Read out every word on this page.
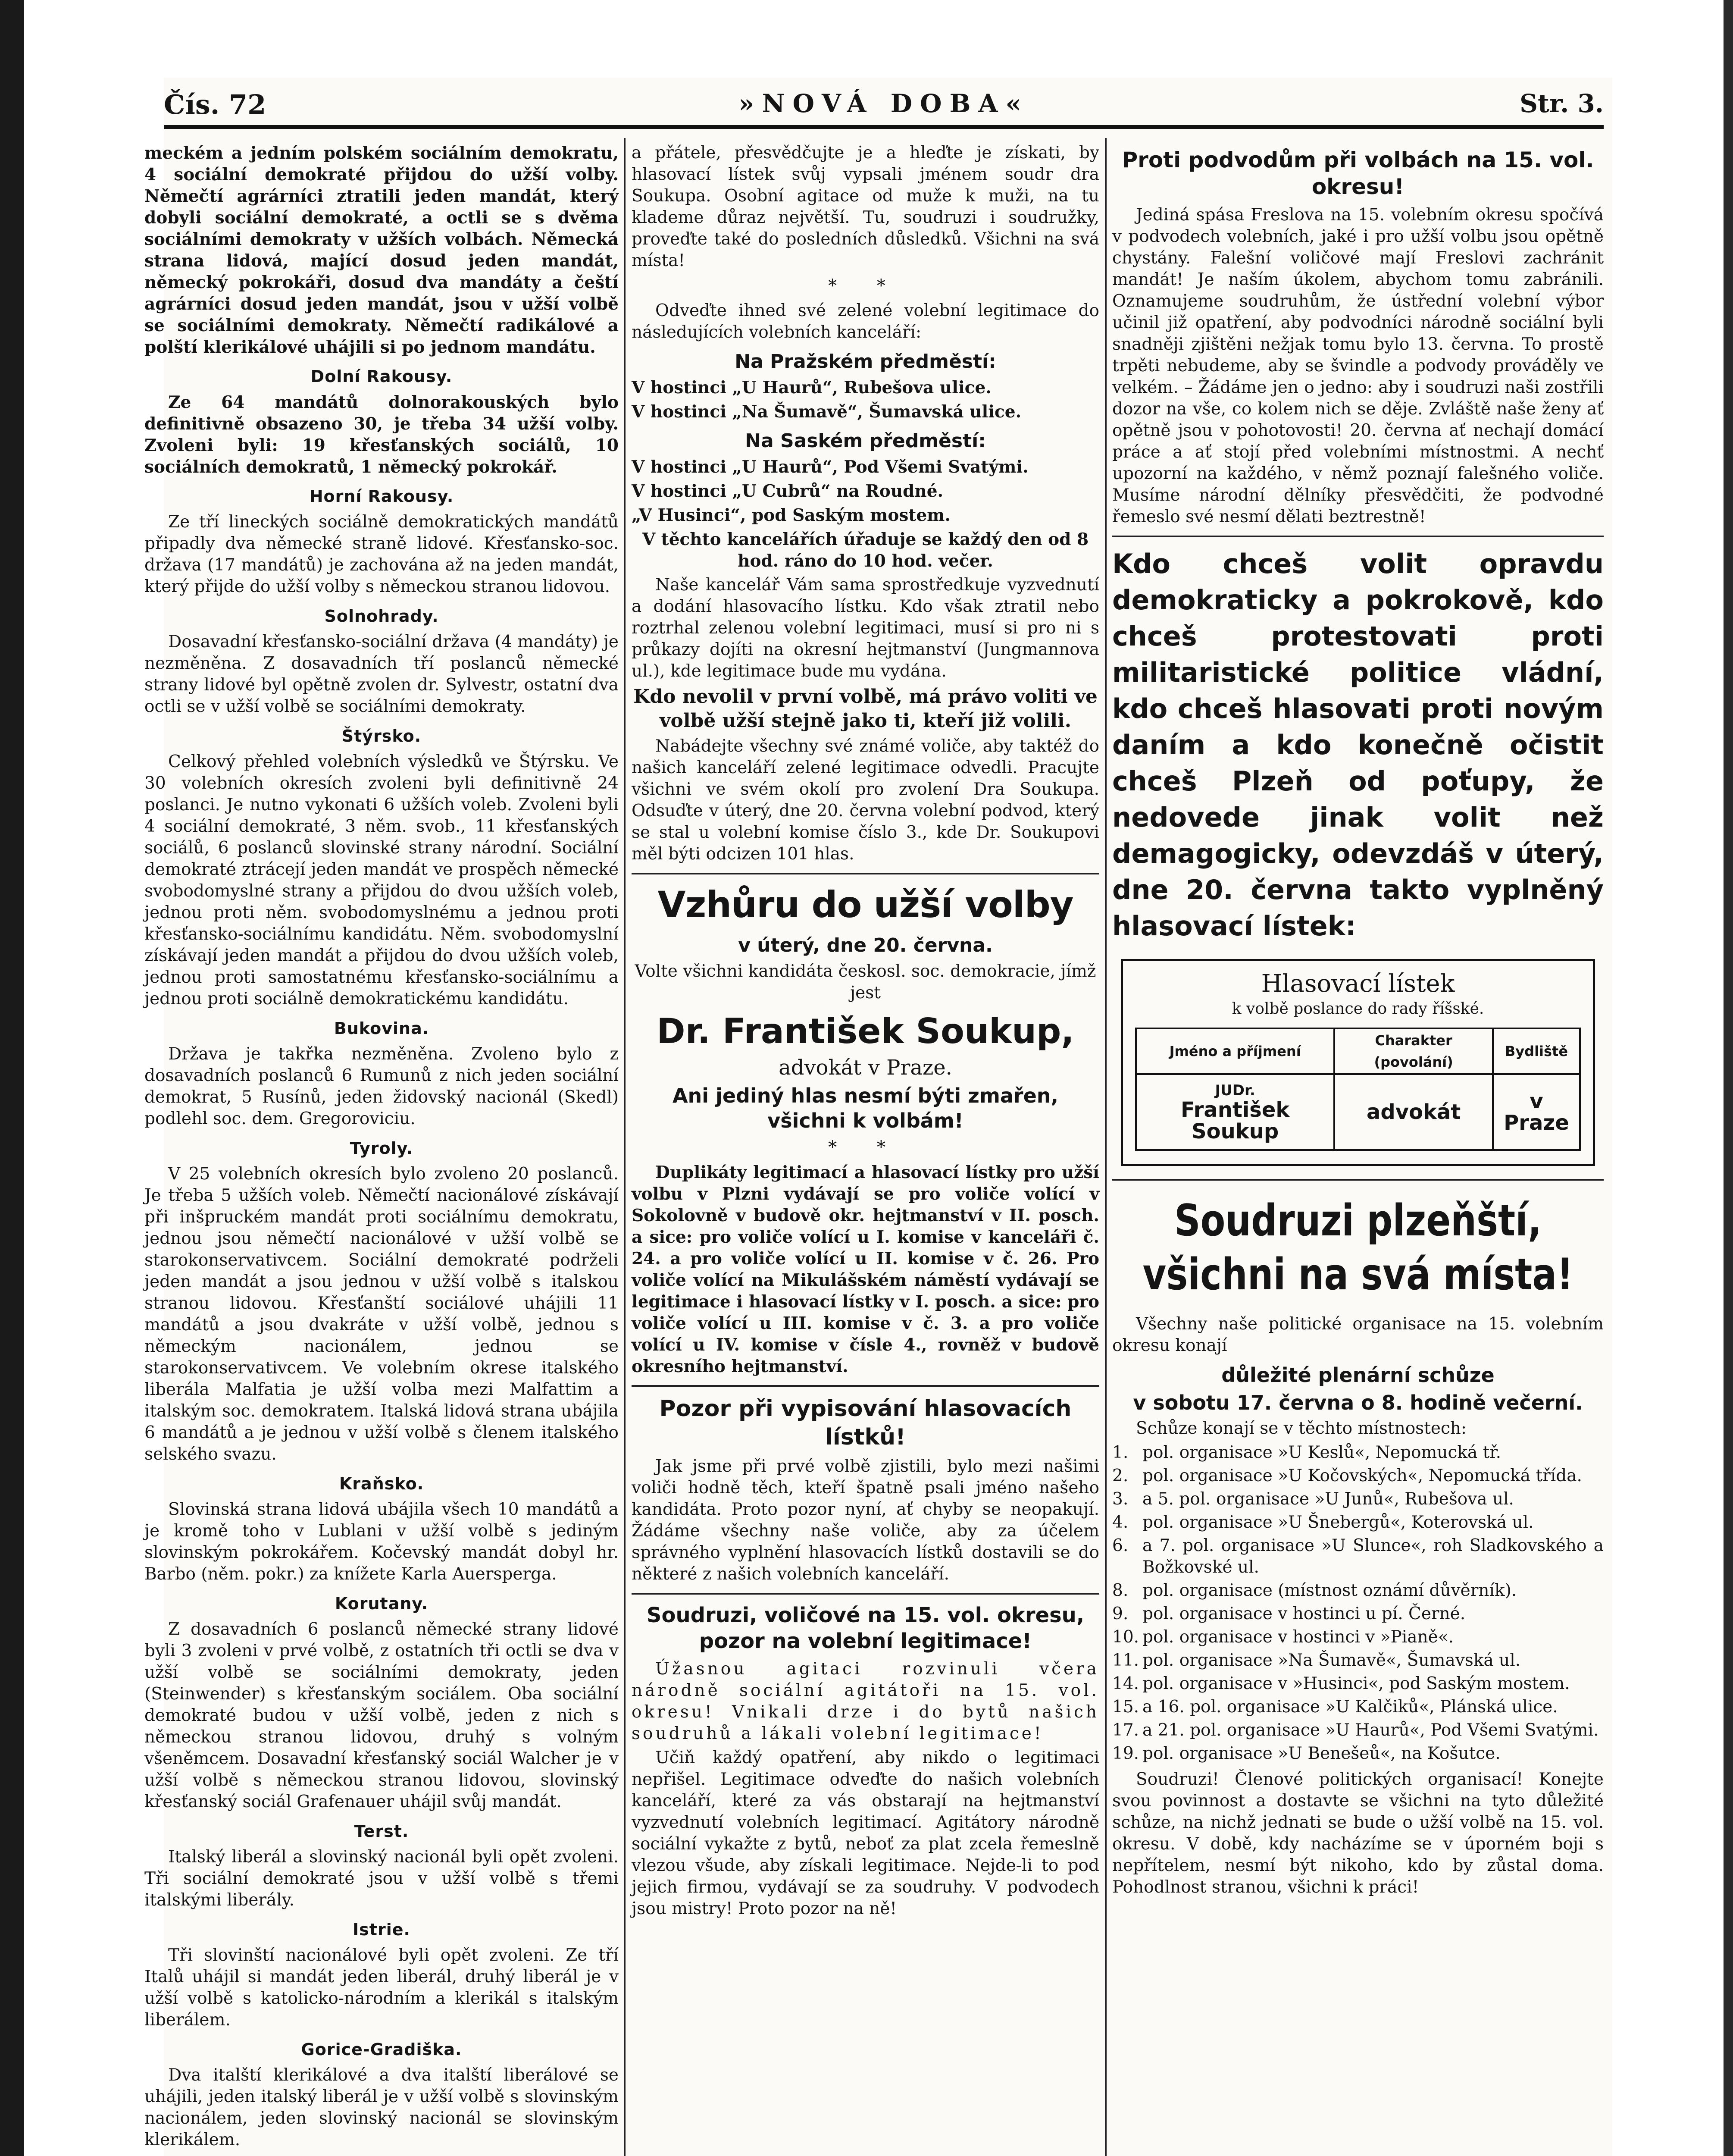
Čís. 72	»NOVÁ DOBA«	Str. 3.

meckém a jedním polském sociálním demokratu, 4 sociální demokraté přijdou do užší volby. Němečtí agrárníci ztratili jeden mandát, který dobyli sociální demokraté, a octli se s dvěma sociálními demokraty v užších volbách. Německá strana lidová, mající dosud jeden mandát, německý pokrokáři, dosud dva mandáty a čeští agrárníci dosud jeden mandát, jsou v užší volbě se sociálními demokraty. Němečtí radikálové a polští klerikálové uhájili si po jednom mandátu.

Dolní Rakousy.

Ze 64 mandátů dolnorakouských bylo definitivně obsazeno 30, je třeba 34 užší volby. Zvoleni byli: 19 křesťanských sociálů, 10 sociálních demokratů, 1 německý pokrokář.

Horní Rakousy.

Ze tří lineckých sociálně demokratických mandátů připadly dva německé straně lidové. Křesťansko-soc. država (17 mandátů) je zachována až na jeden mandát, který přijde do užší volby s německou stranou lidovou.

Solnohrady.

Dosavadní křesťansko-sociální država (4 mandáty) je nezměněna. Z dosavadních tří poslanců německé strany lidové byl opětně zvolen dr. Sylvestr, ostatní dva octli se v užší volbě se sociálními demokraty.

Štýrsko.

Celkový přehled volebních výsledků ve Štýrsku. Ve 30 volebních okresích zvoleni byli definitivně 24 poslanci. Je nutno vykonati 6 užších voleb. Zvoleni byli 4 sociální demokraté, 3 něm. svob., 11 křesťanských sociálů, 6 poslanců slovinské strany národní. Sociální demokraté ztrácejí jeden mandát ve prospěch německé svobodomyslné strany a přijdou do dvou užších voleb, jednou proti něm. svobodomyslnému a jednou proti křesťansko-sociálnímu kandidátu. Něm. svobodomyslní získávají jeden mandát a přijdou do dvou užších voleb, jednou proti samostatnému křesťansko-sociálnímu a jednou proti sociálně demokratickému kandidátu.

Bukovina.

Država je takřka nezměněna. Zvoleno bylo z dosavadních poslanců 6 Rumunů z nich jeden sociální demokrat, 5 Rusínů, jeden židovský nacionál (Skedl) podlehl soc. dem. Gregoroviciu.

Tyroly.

V 25 volebních okresích bylo zvoleno 20 poslanců. Je třeba 5 užších voleb. Němečtí nacionálové získávají při inšpruckém mandát proti sociálnímu demokratu, jednou jsou němečtí nacionálové v užší volbě se starokonservativcem. Sociální demokraté podrželi jeden mandát a jsou jednou v užší volbě s italskou stranou lidovou. Křesťanští sociálové uhájili 11 mandátů a jsou dvakráte v užší volbě, jednou s německým nacionálem, jednou se starokonservativcem. Ve volebním okrese italského liberála Malfatia je užší volba mezi Malfattim a italským soc. demokratem. Italská lidová strana ubájila 6 mandátů a je jednou v užší volbě s členem italského selského svazu.

Kraňsko.

Slovinská strana lidová ubájila všech 10 mandátů a je kromě toho v Lublani v užší volbě s jediným slovinským pokrokářem. Kočevský mandát dobyl hr. Barbo (něm. pokr.) za knížete Karla Auersperga.

Korutany.

Z dosavadních 6 poslanců německé strany lidové byli 3 zvoleni v prvé volbě, z ostatních tři octli se dva v užší volbě se sociálními demokraty, jeden (Steinwender) s křesťanským sociálem. Oba sociální demokraté budou v užší volbě, jeden z nich s německou stranou lidovou, druhý s volným všeněmcem. Dosavadní křesťanský sociál Walcher je v užší volbě s německou stranou lidovou, slovinský křesťanský sociál Grafenauer uhájil svůj mandát.

Terst.

Italský liberál a slovinský nacionál byli opět zvoleni. Tři sociální demokraté jsou v užší volbě s třemi italskými liberály.

Istrie.

Tři slovinští nacionálové byli opět zvoleni. Ze tří Italů uhájil si mandát jeden liberál, druhý liberál je v užší volbě s katolicko-národním a klerikál s italským liberálem.

Gorice-Gradiška.

Dva italští klerikálové a dva italští liberálové se uhájili, jeden italský liberál je v užší volbě s slovinským nacionálem, jeden slovinský nacionál se slovinským klerikálem.

a přátele, přesvědčujte je a hleďte je získati, by hlasovací lístek svůj vypsali jménem soudr dra Soukupa. Osobní agitace od muže k muži, na tu klademe důraz největší. Tu, soudruzi i soudružky, proveďte také do posledních důsledků. Všichni na svá místa!

* *

Odveďte ihned své zelené volební legitimace do následujících volebních kanceláří:

Na Pražském předměstí:

V hostinci „U Haurů“, Rubešova ulice.

V hostinci „Na Šumavě“, Šumavská ulice.

Na Saském předměstí:

V hostinci „U Haurů“, Pod Všemi Svatými.

V hostinci „U Cubrů“ na Roudné.

„V Husinci“, pod Saským mostem.

V těchto kancelářích úřaduje se každý den od 8 hod. ráno do 10 hod. večer.

Naše kancelář Vám sama sprostředkuje vyzvednutí a dodání hlasovacího lístku. Kdo však ztratil nebo roztrhal zelenou volební legitimaci, musí si pro ni s průkazy dojíti na okresní hejtmanství (Jungmannova ul.), kde legitimace bude mu vydána.

Kdo nevolil v první volbě, má právo voliti ve volbě užší stejně jako ti, kteří již volili.

Nabádejte všechny své známé voliče, aby taktéž do našich kanceláří zelené legitimace odvedli. Pracujte všichni ve svém okolí pro zvolení Dra Soukupa. Odsuďte v úterý, dne 20. června volební podvod, který se stal u volební komise číslo 3., kde Dr. Soukupovi měl býti odcizen 101 hlas.

Vzhůru do užší volby
v úterý, dne 20. června.

Volte všichni kandidáta českosl. soc. demokracie, jímž jest

Dr. František Soukup,

advokát v Praze.

Ani jediný hlas nesmí býti zmařen, všichni k volbám!

* *

Duplikáty legitimací a hlasovací lístky pro užší volbu v Plzni vydávají se pro voliče volící v Sokolovně v budově okr. hejtmanství v II. posch. a sice: pro voliče volící u I. komise v kanceláři č. 24. a pro voliče volící u II. komise v č. 26. Pro voliče volící na Mikulášském náměstí vydávají se legitimace i hlasovací lístky v I. posch. a sice: pro voliče volící u III. komise v č. 3. a pro voliče volící u IV. komise v čísle 4., rovněž v budově okresního hejtmanství.

Pozor při vypisování hlasovacích lístků!

Jak jsme při prvé volbě zjistili, bylo mezi našimi voliči hodně těch, kteří špatně psali jméno našeho kandidáta. Proto pozor nyní, ať chyby se neopakují. Žádáme všechny naše voliče, aby za účelem správného vyplnění hlasovacích lístků dostavili se do některé z našich volebních kanceláří.

Soudruzi, voličové na 15. vol. okresu, pozor na volební legitimace!

Úžasnou agitaci rozvinuli včera národně sociální agitátoři na 15. vol. okresu! Vnikali drze i do bytů našich soudruhů a lákali volební legitimace!

Učiň každý opatření, aby nikdo o legitimaci nepřišel. Legitimace odveďte do našich volebních kanceláří, které za vás obstarají na hejtmanství vyzvednutí volebních legitimací. Agitátory národně sociální vykažte z bytů, neboť za plat zcela řemeslně vlezou všude, aby získali legitimace. Nejde-li to pod jejich firmou, vydávají se za soudruhy. V podvodech jsou mistry! Proto pozor na ně!

Proti podvodům při volbách na 15. vol. okresu!

Jediná spása Freslova na 15. volebním okresu spočívá v podvodech volebních, jaké i pro užší volbu jsou opětně chystány. Falešní voličové mají Freslovi zachránit mandát! Je naším úkolem, abychom tomu zabránili. Oznamujeme soudruhům, že ústřední volební výbor učinil již opatření, aby podvodníci národně sociální byli snadněji zjištěni nežjak tomu bylo 13. června. To prostě trpěti nebudeme, aby se švindle a podvody prováděly ve velkém. – Žádáme jen o jedno: aby i soudruzi naši zostřili dozor na vše, co kolem nich se děje. Zvláště naše ženy ať opětně jsou v pohotovosti! 20. června ať nechají domácí práce a ať stojí před volebními místnostmi. A nechť upozorní na každého, v němž poznají falešného voliče. Musíme národní dělníky přesvědčiti, že podvodné řemeslo své nesmí dělati beztrestně!

Kdo chceš volit opravdu demokraticky a pokrokově, kdo chceš protestovati proti militaristické politice vládní, kdo chceš hlasovati proti novým daním a kdo konečně očistit chceš Plzeň od poťupy, že nedovede jinak volit než demagogicky, odevzdáš v úterý, dne 20. června takto vyplněný hlasovací lístek:
Hlasovací lístek
k volbě poslance do rady říšské.
Jméno a příjmení	Charakter (povolání)	Bydliště

JUDr.
František Soukup	advokát	v Praze
Soudruzi plzeňští, všichni na svá místa!

Všechny naše politické organisace na 15. volebním okresu konají

důležité plenární schůze

v sobotu 17. června o 8. hodině večerní.

Schůze konají se v těchto místnostech:

1. pol. organisace »U Keslů«, Nepomucká tř.
2. pol. organisace »U Kočovských«, Nepomucká třída.
3. a 5. pol. organisace »U Junů«, Rubešova ul.
4. pol. organisace »U Šnebergů«, Koterovská ul.
6. a 7. pol. organisace »U Slunce«, roh Sladkovského a Božkovské ul.
8. pol. organisace (místnost oznámí důvěrník).
9. pol. organisace v hostinci u pí. Černé.
10. pol. organisace v hostinci v »Pianě«.
11. pol. organisace »Na Šumavě«, Šumavská ul.
14. pol. organisace v »Husinci«, pod Saským mostem.
15. a 16. pol. organisace »U Kalčiků«, Plánská ulice.
17. a 21. pol. organisace »U Haurů«, Pod Všemi Svatými.
19. pol. organisace »U Benešeů«, na Košutce.

Soudruzi! Členové politických organisací! Konejte svou povinnost a dostavte se všichni na tyto důležité schůze, na nichž jednati se bude o užší volbě na 15. vol. okresu. V době, kdy nacházíme se v úporném boji s nepřítelem, nesmí být nikoho, kdo by zůstal doma. Pohodlnost stranou, všichni k práci!
